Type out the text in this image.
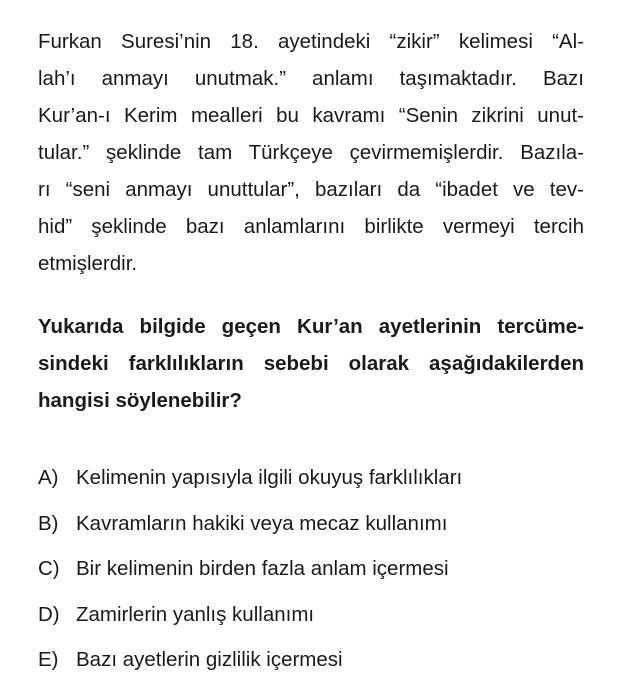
Furkan Suresi’nin 18. ayetindeki “zikir” kelimesi “Al-
lah’ı anmayı unutmak.” anlamı taşımaktadır. Bazı
Kur’an-ı Kerim mealleri bu kavramı “Senin zikrini unut-
tular.” şeklinde tam Türkçeye çevirmemişlerdir. Bazıla-
rı “seni anmayı unuttular”, bazıları da “ibadet ve tev-
hid” şeklinde bazı anlamlarını birlikte vermeyi tercih
etmişlerdir.

Yukarıda bilgide geçen Kur’an ayetlerinin tercüme-
sindeki farklılıkların sebebi olarak aşağıdakilerden
hangisi söylenebilir?
A) Kelimenin yapısıyla ilgili okuyuş farklılıkları
B) Kavramların hakiki veya mecaz kullanımı
C) Bir kelimenin birden fazla anlam içermesi
D) Zamirlerin yanlış kullanımı
E) Bazı ayetlerin gizlilik içermesi
